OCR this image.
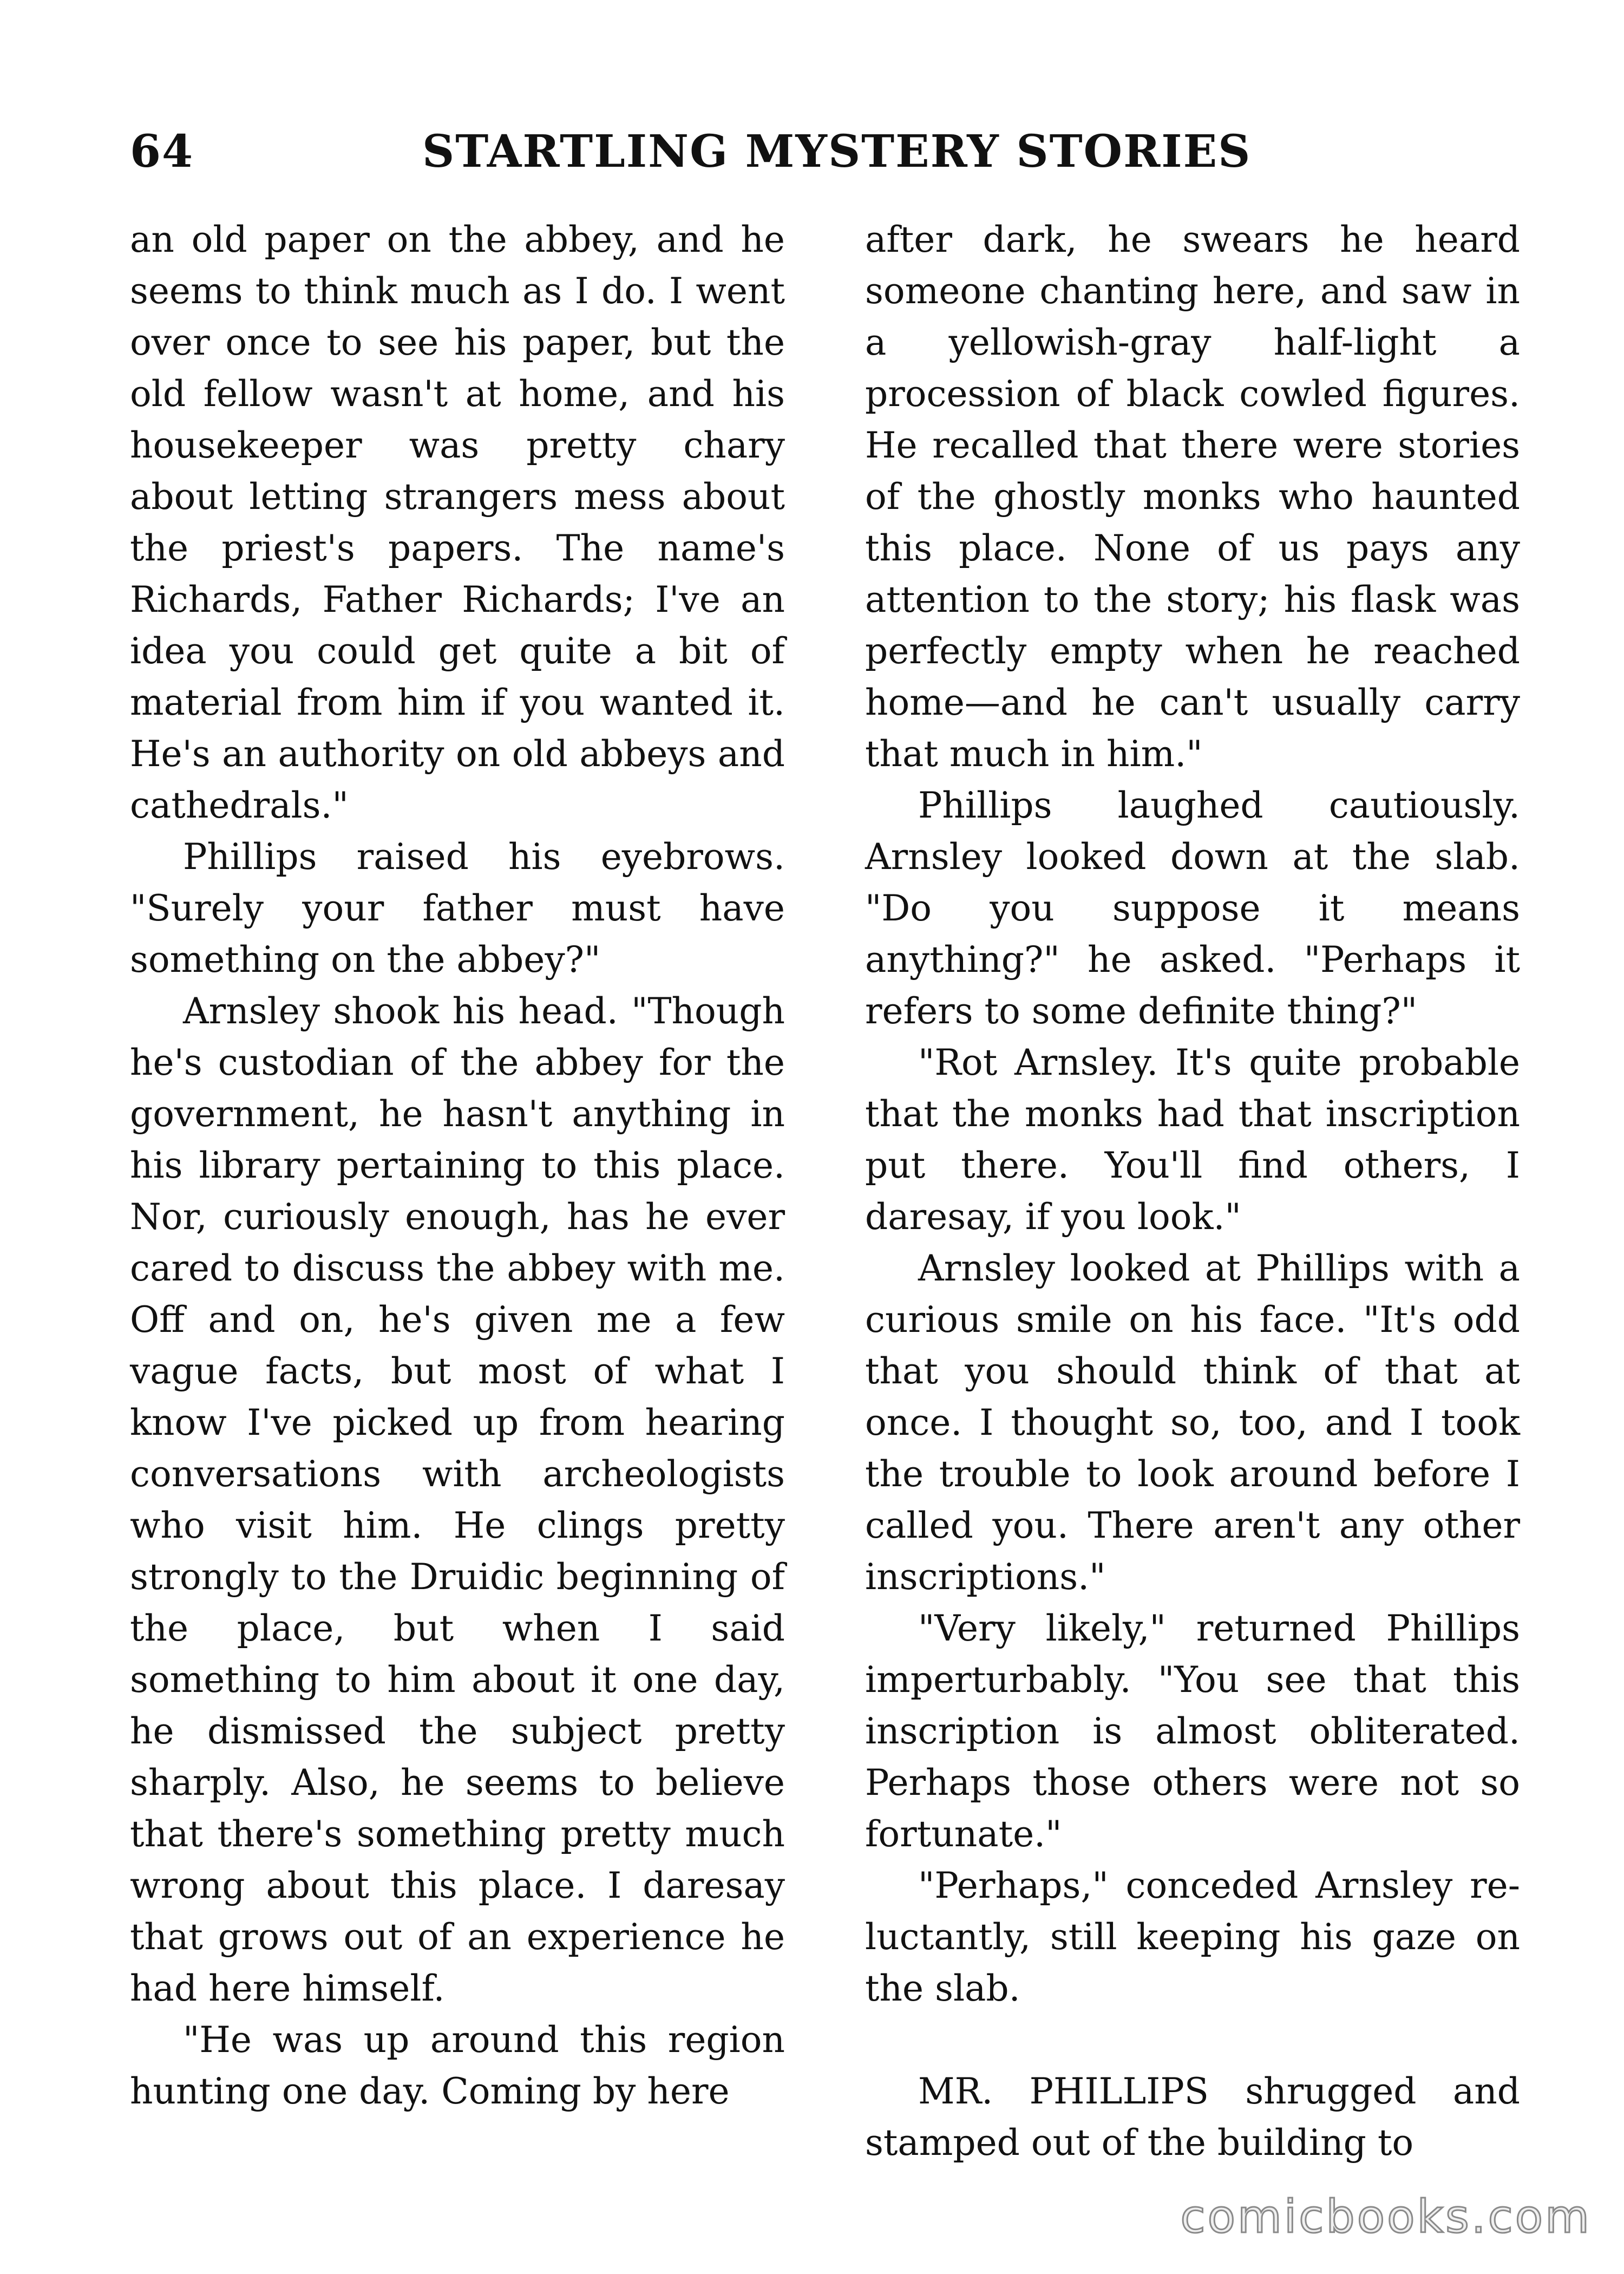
64	STARTLING MYSTERY STORIES

an old paper on the abbey, and he seems to think much as I do. I went over once to see his paper, but the old fellow wasn't at home, and his housekeeper was pretty chary about letting strangers mess about the priest's papers. The name's Richards, Father Richards; I've an idea you could get quite a bit of material from him if you wanted it. He's an authority on old abbeys and cathedrals."

Phillips raised his eyebrows. "Surely your father must have something on the abbey?"

Arnsley shook his head. "Though he's custodian of the abbey for the government, he hasn't anything in his library pertaining to this place. Nor, curiously enough, has he ever cared to discuss the abbey with me. Off and on, he's given me a few vague facts, but most of what I know I've picked up from hearing conversations with archeologists who visit him. He clings pretty strongly to the Druidic beginning of the place, but when I said something to him about it one day, he dismissed the subject pretty sharply. Also, he seems to believe that there's something pretty much wrong about this place. I daresay that grows out of an experience he had here himself.

"He was up around this region hunting one day. Coming by here

after dark, he swears he heard someone chanting here, and saw in a yellowish-gray half-light a procession of black cowled figures. He recalled that there were stories of the ghostly monks who haunted this place. None of us pays any attention to the story; his flask was perfectly empty when he reached home—and he can't usually carry that much in him."

Phillips laughed cautiously. Arnsley looked down at the slab. "Do you suppose it means anything?" he asked. "Perhaps it refers to some definite thing?"

"Rot Arnsley. It's quite probable that the monks had that inscription put there. You'll find others, I daresay, if you look."

Arnsley looked at Phillips with a curious smile on his face. "It's odd that you should think of that at once. I thought so, too, and I took the trouble to look around before I called you. There aren't any other inscriptions."

"Very likely," returned Phillips imperturbably. "You see that this inscription is almost obliterated. Perhaps those others were not so fortunate."

"Perhaps," conceded Arnsley reluctantly, still keeping his gaze on the slab.

MR. PHILLIPS shrugged and stamped out of the building to

comicbooks.com
